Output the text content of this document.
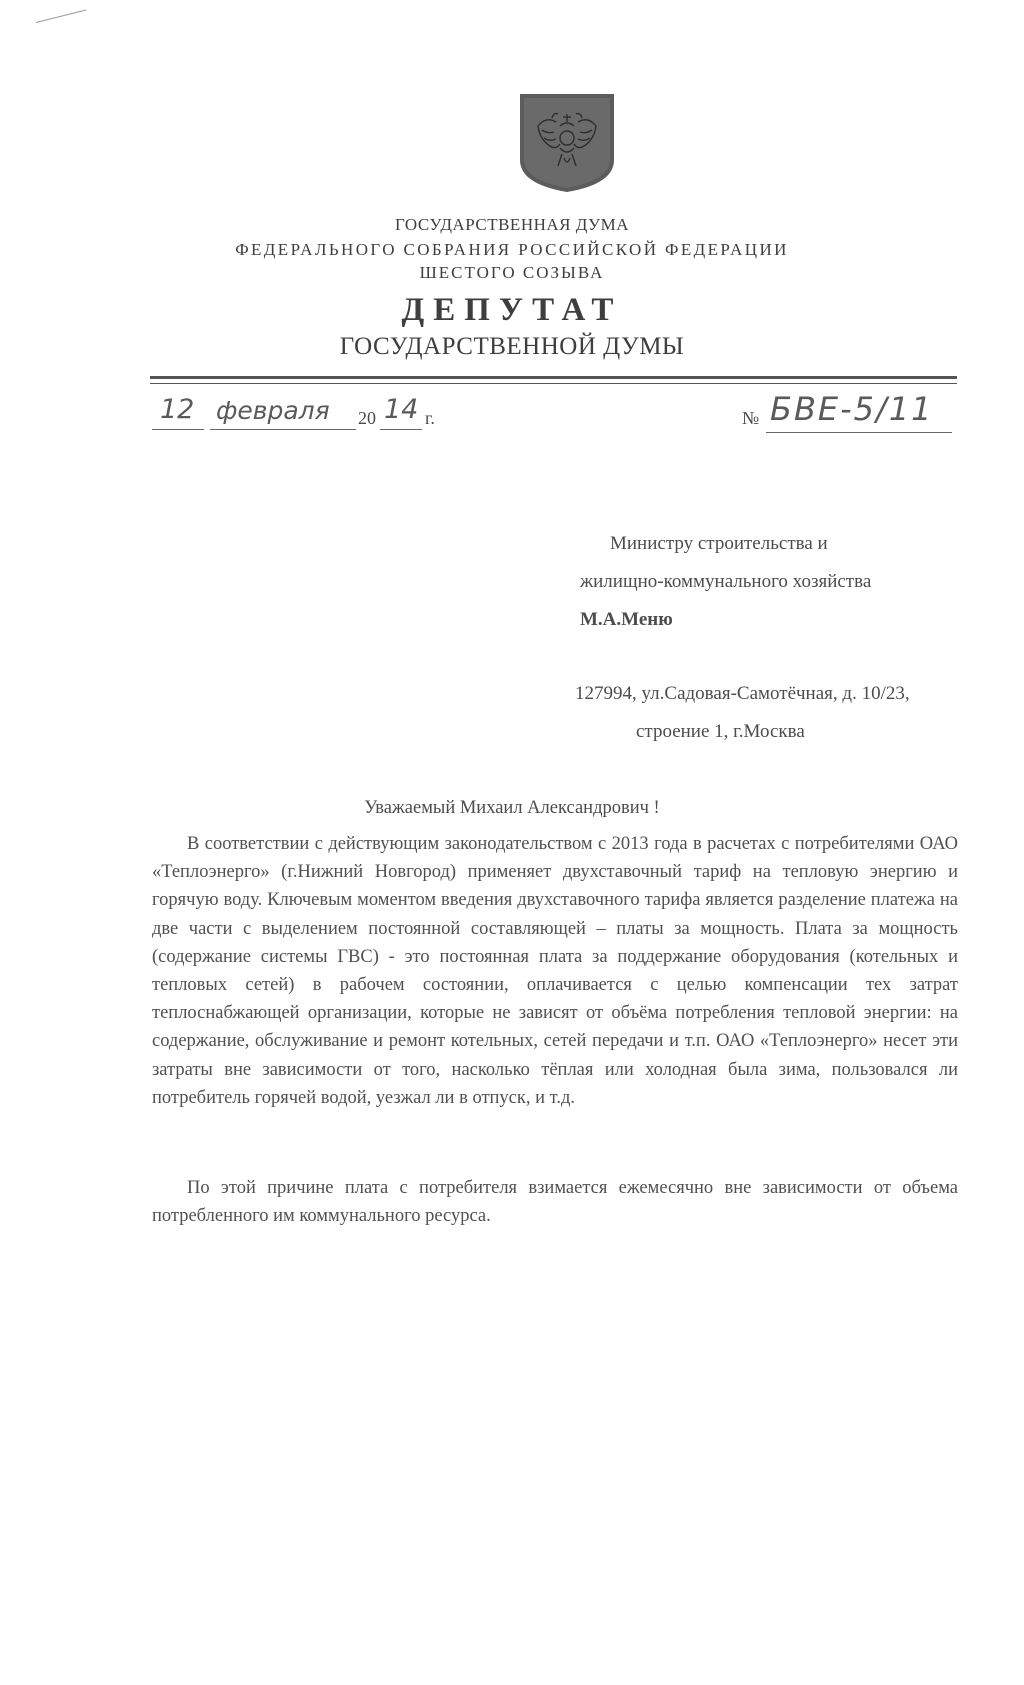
ГОСУДАРСТВЕННАЯ ДУМА
ФЕДЕРАЛЬНОГО СОБРАНИЯ РОССИЙСКОЙ ФЕДЕРАЦИИ
ШЕСТОГО СОЗЫВА
ДЕПУТАТ
ГОСУДАРСТВЕННОЙ ДУМЫ
12 февраля 20 14 г.	№ БВЕ-5/11
Министру строительства и
жилищно-коммунального хозяйства
М.А.Меню
127994, ул.Садовая-Самотёчная, д. 10/23,
строение 1, г.Москва
Уважаемый Михаил Александрович !

В соответствии с действующим законодательством с 2013 года в расчетах с потребителями ОАО «Теплоэнерго» (г.Нижний Новгород) применяет двухставочный тариф на тепловую энергию и горячую воду. Ключевым моментом введения двухставочного тарифа является разделение платежа на две части с выделением постоянной составляющей – платы за мощность. Плата за мощность (содержание системы ГВС) - это постоянная плата за поддержание оборудования (котельных и тепловых сетей) в рабочем состоянии, оплачивается с целью компенсации тех затрат теплоснабжающей организации, которые не зависят от объёма потребления тепловой энергии: на содержание, обслуживание и ремонт котельных, сетей передачи и т.п. ОАО «Теплоэнерго» несет эти затраты вне зависимости от того, насколько тёплая или холодная была зима, пользовался ли потребитель горячей водой, уезжал ли в отпуск, и т.д.

По этой причине плата с потребителя взимается ежемесячно вне зависимости от объема потребленного им коммунального ресурса.
